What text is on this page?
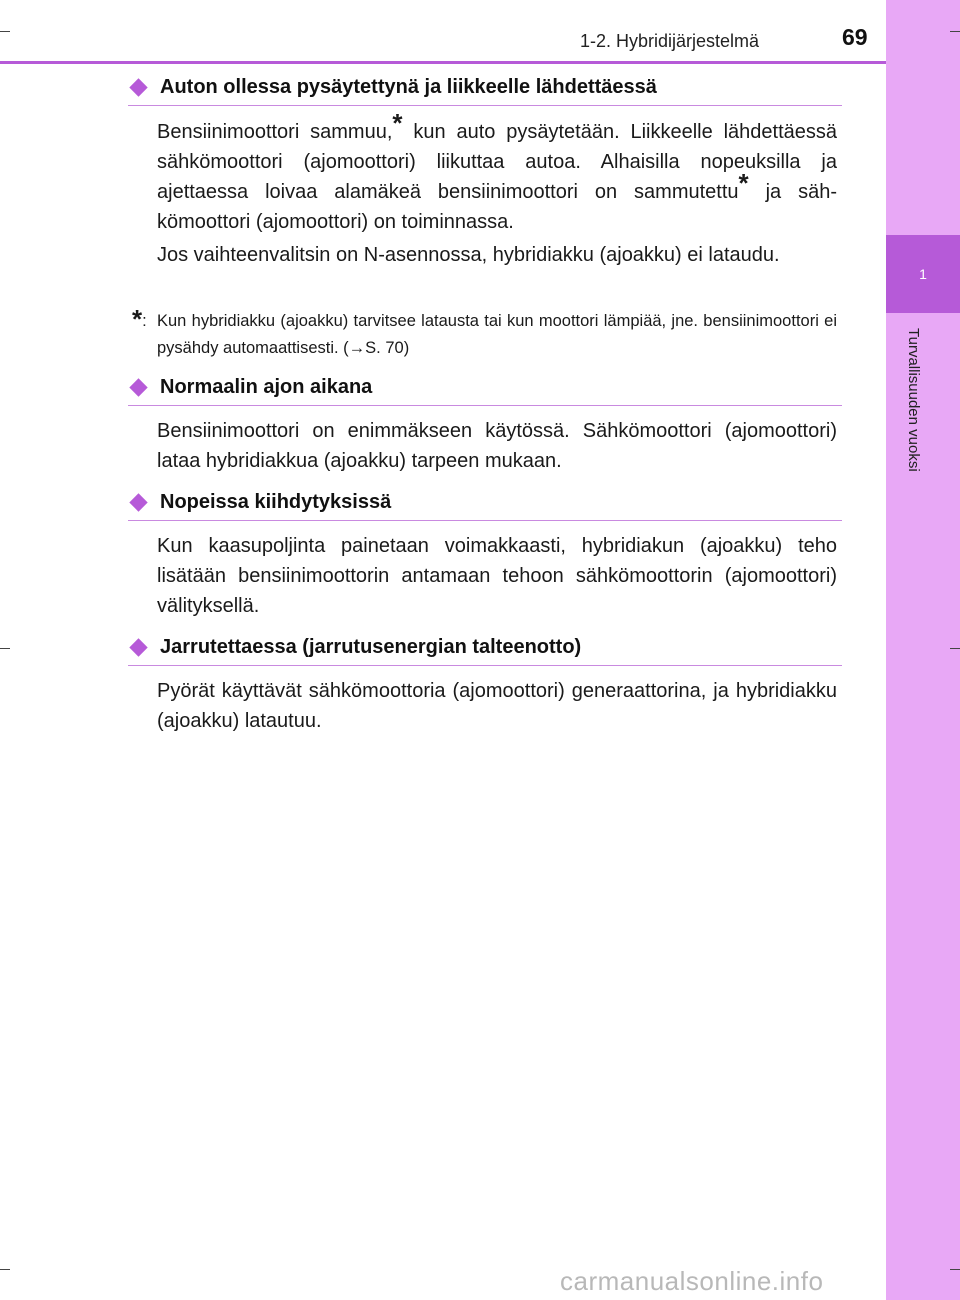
1
Turvallisuuden vuoksi
1-2. Hybridijärjestelmä	69
Auton ollessa pysäytettynä ja liikkeelle lähdettäessä
Bensiinimoottori sammuu,* kun auto pysäytetään. Liikkeelle lähdettäessä sähkömoottori (ajomoottori) liikuttaa autoa. Alhaisilla nopeuksilla ja ajettaessa loivaa alamäkeä bensiinimoottori on sammutettu* ja sähkömoottori (ajomoottori) on toiminnassa.
Jos vaihteenvalitsin on N-asennossa, hybridiakku (ajoakku) ei lataudu.
*: Kun hybridiakku (ajoakku) tarvitsee latausta tai kun moottori lämpiää, jne. bensiinimoottori ei pysähdy automaattisesti. (→S. 70)
Normaalin ajon aikana
Bensiinimoottori on enimmäkseen käytössä. Sähkömoottori (ajomoottori) lataa hybridiakkua (ajoakku) tarpeen mukaan.
Nopeissa kiihdytyksissä
Kun kaasupoljinta painetaan voimakkaasti, hybridiakun (ajoakku) teho lisätään bensiinimoottorin antamaan tehoon sähkömoottorin (ajomoottori) välityksellä.
Jarrutettaessa (jarrutusenergian talteenotto)
Pyörät käyttävät sähkömoottoria (ajomoottori) generaattorina, ja hybridiakku (ajoakku) latautuu.
carmanualsonline.info
